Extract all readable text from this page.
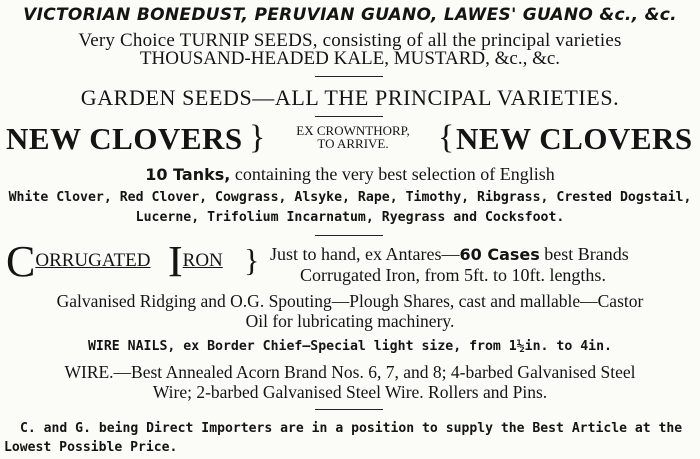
VICTORIAN BONEDUST, PERUVIAN GUANO, LAWES' GUANO &c., &c.
Very Choice TURNIP SEEDS, consisting of all the principal varieties
THOUSAND-HEADED KALE, MUSTARD, &c., &c.
GARDEN SEEDS—ALL THE PRINCIPAL VARIETIES.
NEW CLOVERS }	EX CROWNTHORP,
TO ARRIVE.	{ NEW CLOVERS
10 Tanks, containing the very best selection of English
White Clover, Red Clover, Cowgrass, Alsyke, Rape, Timothy, Ribgrass, Crested Dogstail,
Lucerne, Trifolium Incarnatum, Ryegrass and Cocksfoot.
CORRUGATED IRON } Just to hand, ex Antares—60 Cases best Brands
Corrugated Iron, from 5ft. to 10ft. lengths.
Galvanised Ridging and O.G. Spouting—Plough Shares, cast and mallable—Castor
Oil for lubricating machinery.
WIRE NAILS, ex Border Chief—Special light size, from 1½in. to 4in.
WIRE.—Best Annealed Acorn Brand Nos. 6, 7, and 8; 4-barbed Galvanised Steel
Wire; 2-barbed Galvanised Steel Wire. Rollers and Pins.
C. and G. being Direct Importers are in a position to supply the Best Article at the
Lowest Possible Price.
